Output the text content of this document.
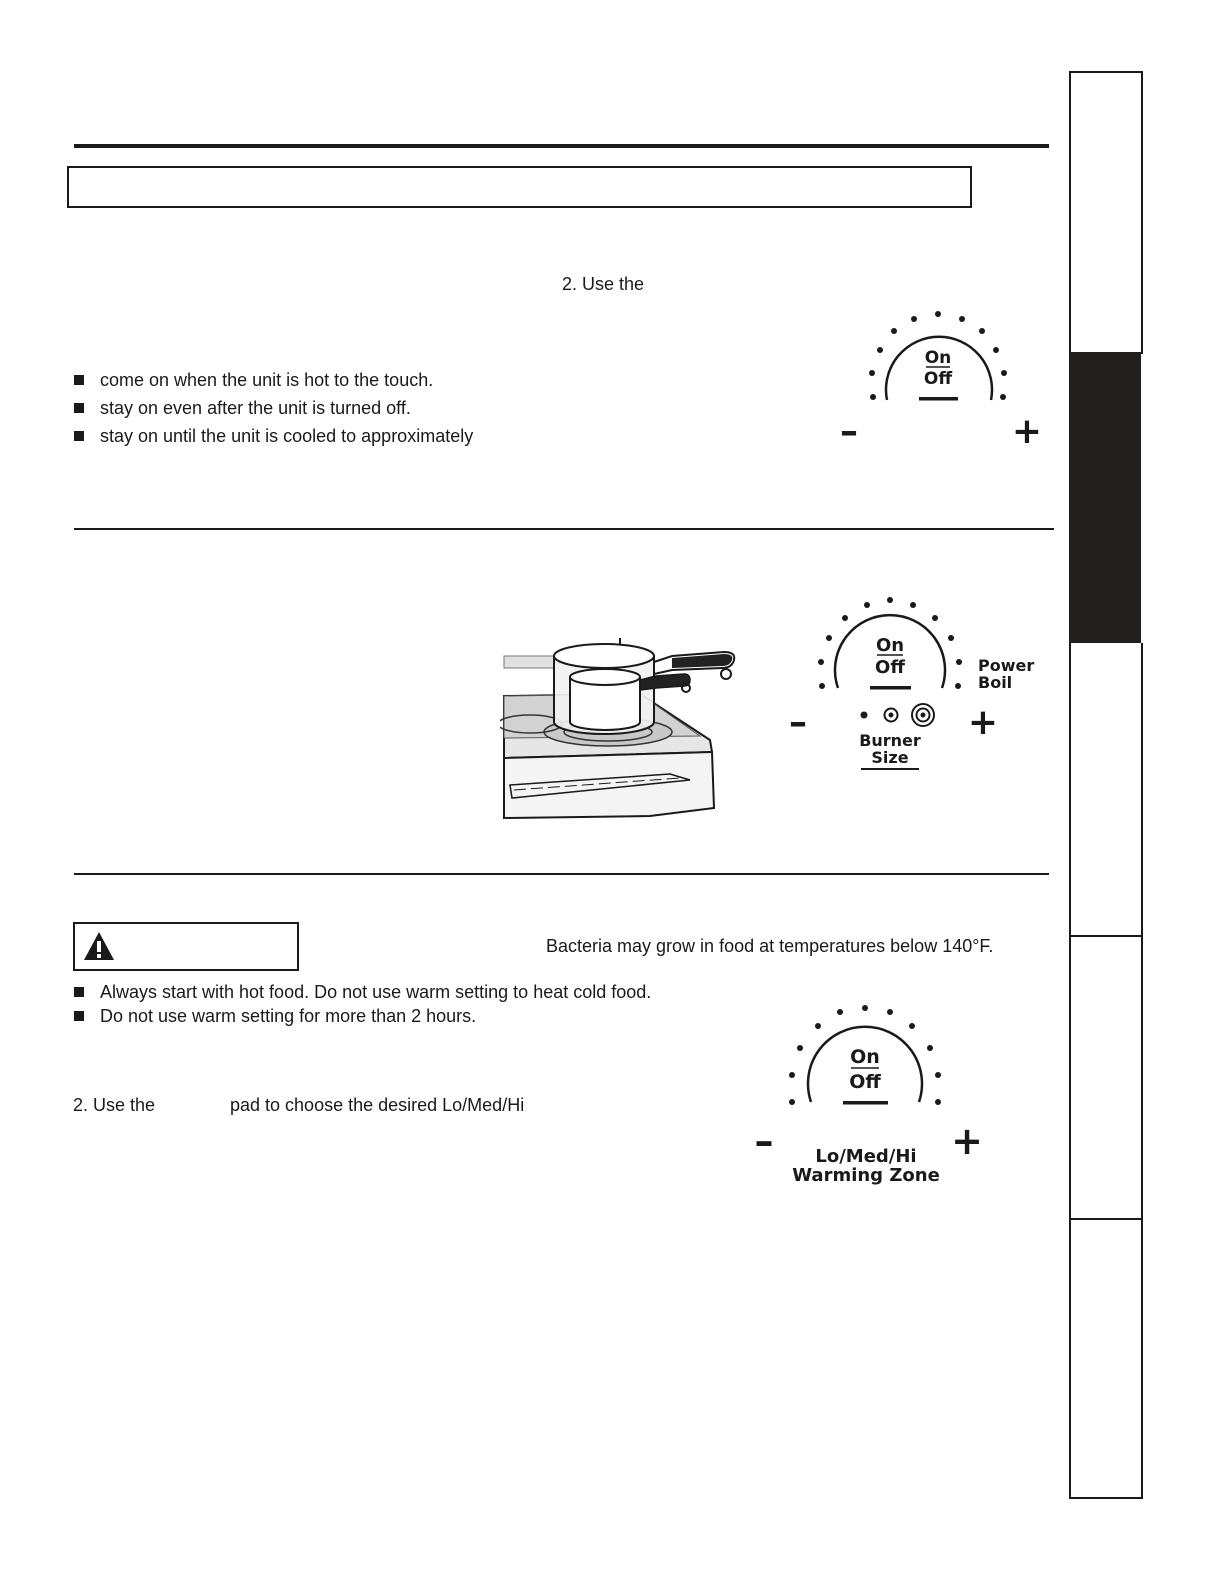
2. Use the
come on when the unit is hot to the touch.
stay on even after the unit is turned off.
stay on until the unit is cooled to approximately
On
Off
–	+
On
Off	Power
Boil
–	+
Burner
Size
Bacteria may grow in food at temperatures below 140°F.
Always start with hot food. Do not use warm setting to heat cold food.
Do not use warm setting for more than 2 hours.
2. Use the	pad to choose the desired Lo/Med/Hi
On
Off
–	+
Lo/Med/Hi
Warming Zone
